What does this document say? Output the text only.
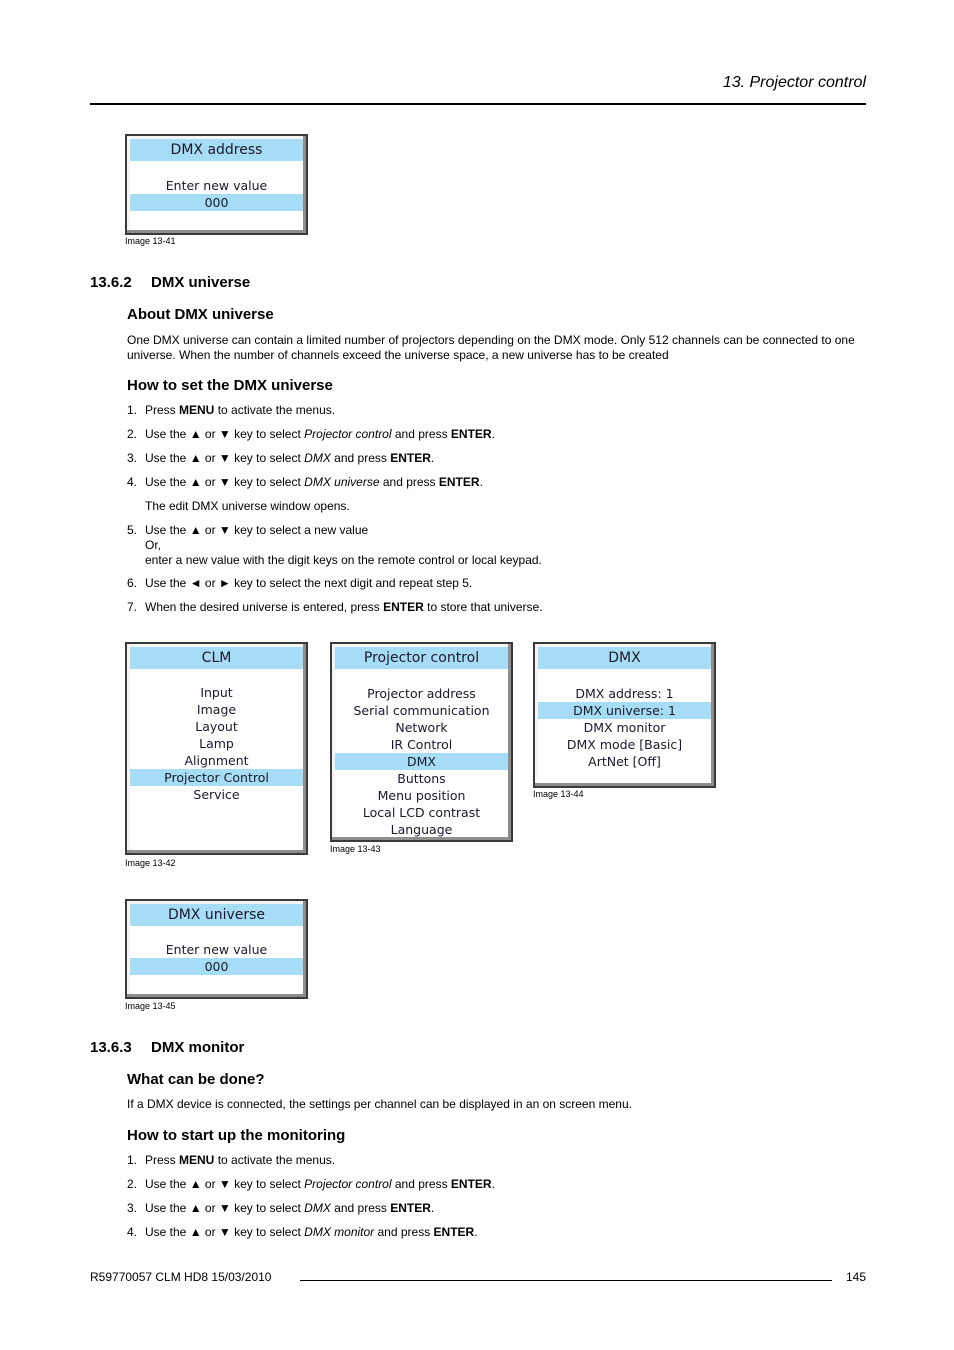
13. Projector control
DMX address
Enter new value
000
Image 13-41
13.6.2 DMX universe
About DMX universe
One DMX universe can contain a limited number of projectors depending on the DMX mode. Only 512 channels can be connected to one universe. When the number of channels exceed the universe space, a new universe has to be created
How to set the DMX universe
1. Press MENU to activate the menus.
2. Use the ▲ or ▼ key to select Projector control and press ENTER.
3. Use the ▲ or ▼ key to select DMX and press ENTER.
4. Use the ▲ or ▼ key to select DMX universe and press ENTER.
The edit DMX universe window opens.
5. Use the ▲ or ▼ key to select a new value
Or,
enter a new value with the digit keys on the remote control or local keypad.
6. Use the ◄ or ► key to select the next digit and repeat step 5.
7. When the desired universe is entered, press ENTER to store that universe.
CLM
Input
Image
Layout
Lamp
Alignment
Projector Control
Service
Image 13-42
Projector control
Projector address
Serial communication
Network
IR Control
DMX
Buttons
Menu position
Local LCD contrast
Language
Image 13-43
DMX
DMX address: 1
DMX universe: 1
DMX monitor
DMX mode [Basic]
ArtNet [Off]
Image 13-44
DMX universe
Enter new value
000
Image 13-45
13.6.3 DMX monitor
What can be done?
If a DMX device is connected, the settings per channel can be displayed in an on screen menu.
How to start up the monitoring
1. Press MENU to activate the menus.
2. Use the ▲ or ▼ key to select Projector control and press ENTER.
3. Use the ▲ or ▼ key to select DMX and press ENTER.
4. Use the ▲ or ▼ key to select DMX monitor and press ENTER.
R59770057 CLM HD8 15/03/2010	145
